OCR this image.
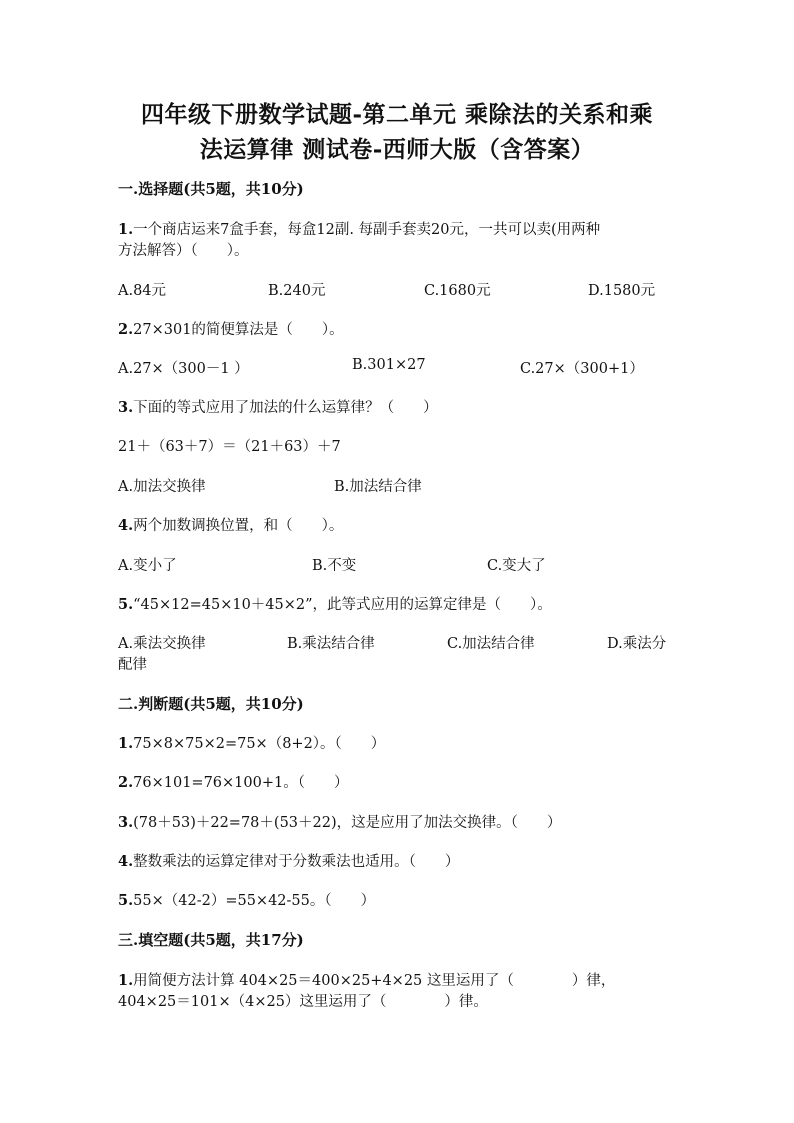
四年级下册数学试题-第二单元 乘除法的关系和乘
法运算律 测试卷-西师大版（含答案）
一.选择题(共5题，共10分)
1.一个商店运来7盒手套，每盒12副. 每副手套卖20元，一共可以卖(用两种
方法解答）（　　）。
A.84元	B.240元	C.1680元	D.1580元
2.27×301的简便算法是（　　）。
A.27×（300－1 ）	B.301×27	C.27×（300+1）
3.下面的等式应用了加法的什么运算律？（　　）
21＋（63＋7）＝（21＋63）＋7
A.加法交换律	B.加法结合律
4.两个加数调换位置，和（　　）。
A.变小了	B.不变	C.变大了
5.“45×12=45×10＋45×2”，此等式应用的运算定律是（　　）。
A.乘法交换律	B.乘法结合律	C.加法结合律	D.乘法分
配律
二.判断题(共5题，共10分)
1.75×8×75×2=75×（8+2）。（　　）
2.76×101=76×100+1。（　　）
3.(78＋53)＋22=78＋(53＋22)，这是应用了加法交换律。（　　）
4.整数乘法的运算定律对于分数乘法也适用。（　　）
5.55×（42-2）=55×42-55。（　　）
三.填空题(共5题，共17分)
1.用简便方法计算 404×25＝400×25+4×25 这里运用了（　　　　）律，
404×25＝101×（4×25）这里运用了（　　　　）律。
